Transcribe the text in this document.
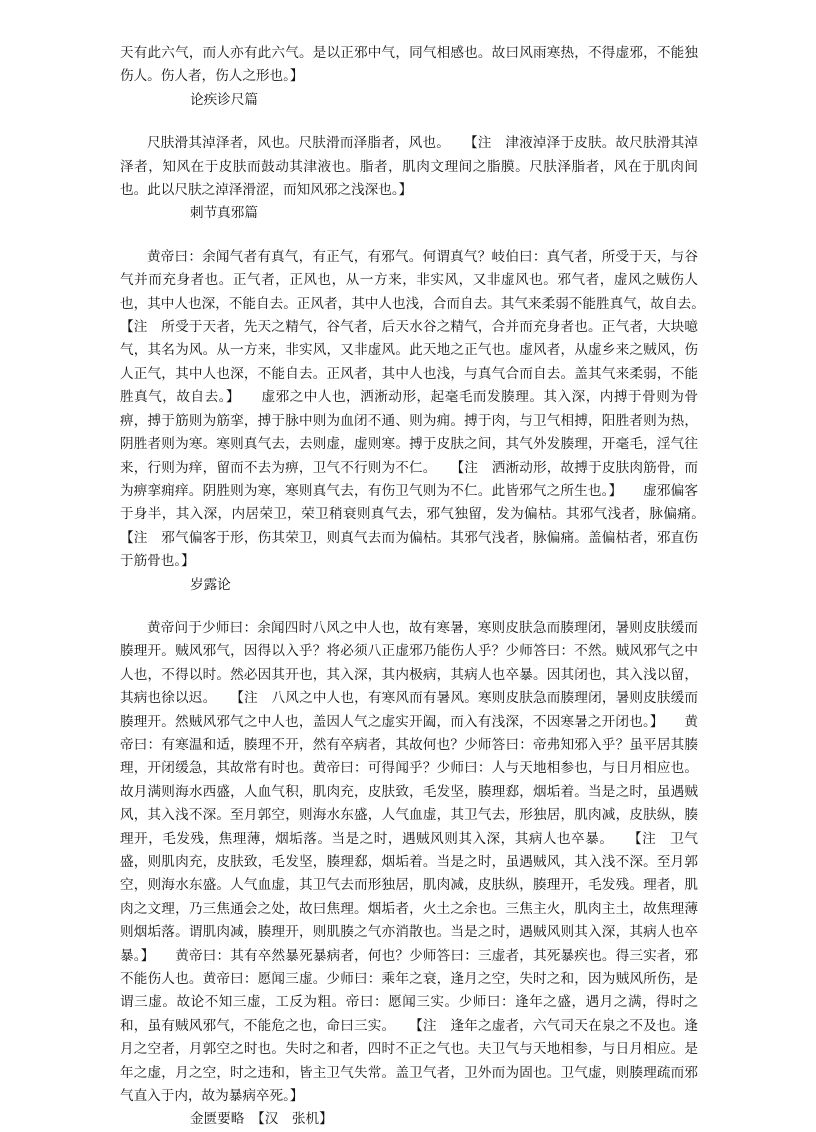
天有此六气，而人亦有此六气。是以正邪中气，同气相感也。故曰风雨寒热，不得虚邪，不能独伤人。伤人者，伤人之形也。】

论疾诊尺篇

尺肤滑其淖泽者，风也。尺肤滑而泽脂者，风也。　　【注　津液淖泽于皮肤。故尺肤滑其淖泽者，知风在于皮肤而鼓动其津液也。脂者，肌肉文理间之脂膜。尺肤泽脂者，风在于肌肉间也。此以尺肤之淖泽滑涩，而知风邪之浅深也。】

刺节真邪篇

黄帝曰：余闻气者有真气，有正气，有邪气。何谓真气？岐伯曰：真气者，所受于天，与谷气并而充身者也。正气者，正风也，从一方来，非实风，又非虚风也。邪气者，虚风之贼伤人也，其中人也深，不能自去。正风者，其中人也浅，合而自去。其气来柔弱不能胜真气，故自去。　　【注　所受于天者，先天之精气，谷气者，后天水谷之精气，合并而充身者也。正气者，大块噫气，其名为风。从一方来，非实风，又非虚风。此天地之正气也。虚风者，从虚乡来之贼风，伤人正气，其中人也深，不能自去。正风者，其中人也浅，与真气合而自去。盖其气来柔弱，不能胜真气，故自去。】　　虚邪之中人也，洒淅动形，起毫毛而发腠理。其入深，内搏于骨则为骨痹，搏于筋则为筋挛，搏于脉中则为血闭不通、则为痈。搏于肉，与卫气相搏，阳胜者则为热，阴胜者则为寒。寒则真气去，去则虚，虚则寒。搏于皮肤之间，其气外发腠理，开毫毛，淫气往来，行则为痒，留而不去为痹，卫气不行则为不仁。　　【注　洒淅动形，故搏于皮肤肉筋骨，而为痹挛痈痒。阴胜则为寒，寒则真气去，有伤卫气则为不仁。此皆邪气之所生也。】　　虚邪偏客于身半，其入深，内居荣卫，荣卫稍衰则真气去，邪气独留，发为偏枯。其邪气浅者，脉偏痛。　　【注　邪气偏客于形，伤其荣卫，则真气去而为偏枯。其邪气浅者，脉偏痛。盖偏枯者，邪直伤于筋骨也。】

岁露论

黄帝问于少师曰：余闻四时八风之中人也，故有寒暑，寒则皮肤急而腠理闭，暑则皮肤缓而腠理开。贼风邪气，因得以入乎？将必须八正虚邪乃能伤人乎？少师答曰：不然。贼风邪气之中人也，不得以时。然必因其开也，其入深，其内极病，其病人也卒暴。因其闭也，其入浅以留，其病也徐以迟。　　【注　八风之中人也，有寒风而有暑风。寒则皮肤急而腠理闭，暑则皮肤缓而腠理开。然贼风邪气之中人也，盖因人气之虚实开阖，而入有浅深，不因寒暑之开闭也。】　　黄帝曰：有寒温和适，腠理不开，然有卒病者，其故何也？少师答曰：帝弗知邪入乎？虽平居其腠理，开闭缓急，其故常有时也。黄帝曰：可得闻乎？少师曰：人与天地相参也，与日月相应也。故月满则海水西盛，人血气积，肌肉充，皮肤致，毛发坚，腠理郄，烟垢着。当是之时，虽遇贼风，其入浅不深。至月郭空，则海水东盛，人气血虚，其卫气去，形独居，肌肉减，皮肤纵，腠理开，毛发残，焦理薄，烟垢落。当是之时，遇贼风则其入深，其病人也卒暴。　　【注　卫气盛，则肌肉充，皮肤致，毛发坚，腠理郄，烟垢着。当是之时，虽遇贼风，其入浅不深。至月郭空，则海水东盛。人气血虚，其卫气去而形独居，肌肉减，皮肤纵，腠理开，毛发残。理者，肌肉之文理，乃三焦通会之处，故曰焦理。烟垢者，火土之余也。三焦主火，肌肉主土，故焦理薄则烟垢落。谓肌肉减，腠理开，则肌腠之气亦消散也。当是之时，遇贼风则其入深，其病人也卒暴。】　　黄帝曰：其有卒然暴死暴病者，何也？少师答曰：三虚者，其死暴疾也。得三实者，邪不能伤人也。黄帝曰：愿闻三虚。少师曰：乘年之衰，逢月之空，失时之和，因为贼风所伤，是谓三虚。故论不知三虚，工反为粗。帝曰：愿闻三实。少师曰：逢年之盛，遇月之满，得时之和，虽有贼风邪气，不能危之也，命曰三实。　　【注　逢年之虚者，六气司天在泉之不及也。逢月之空者，月郭空之时也。失时之和者，四时不正之气也。夫卫气与天地相参，与日月相应。是年之虚，月之空，时之违和，皆主卫气失常。盖卫气者，卫外而为固也。卫气虚，则腠理疏而邪气直入于内，故为暴病卒死。】

金匮要略　【汉　张机】
